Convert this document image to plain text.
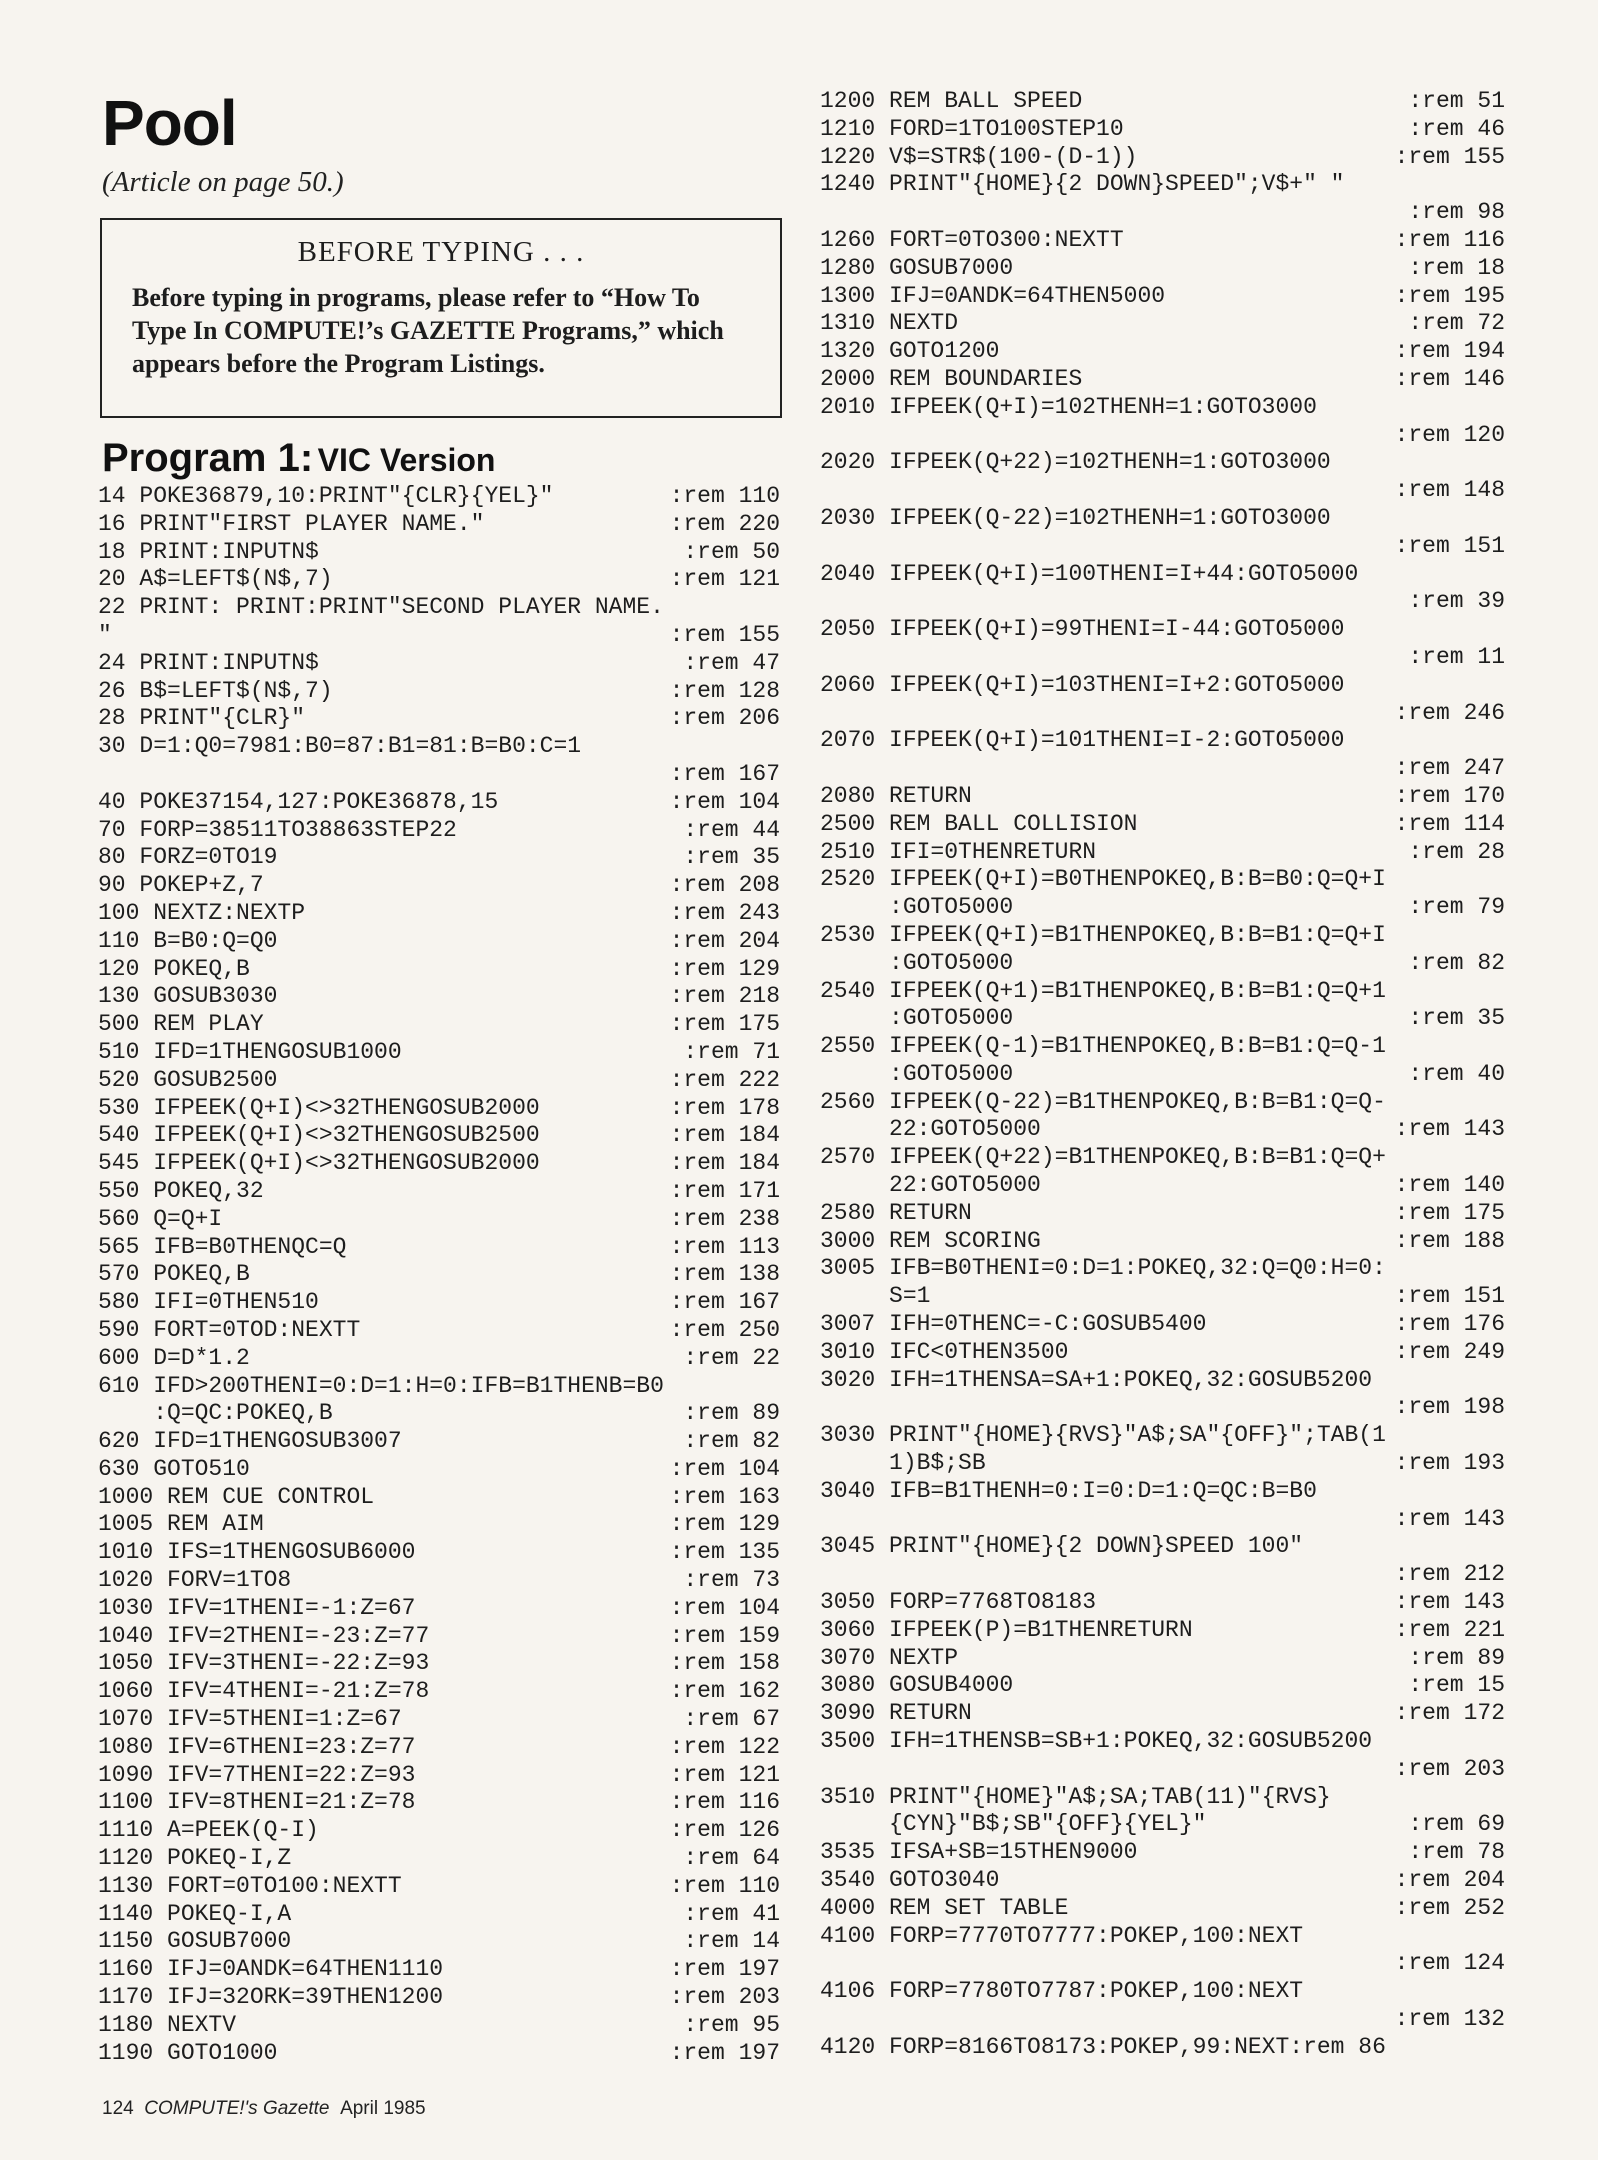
Pool
(Article on page 50.)
BEFORE TYPING . . .
Before typing in programs, please refer to “How To Type In COMPUTE!’s GAZETTE Programs,” which appears before the Program Listings.
Program 1: VIC Version
14 POKE36879,10:PRINT"{CLR}{YEL}"	:rem 110
16 PRINT"FIRST PLAYER NAME."	:rem 220
18 PRINT:INPUTN$	:rem 50
20 A$=LEFT$(N$,7)	:rem 121
22 PRINT: PRINT:PRINT"SECOND PLAYER NAME.
"	:rem 155
24 PRINT:INPUTN$	:rem 47
26 B$=LEFT$(N$,7)	:rem 128
28 PRINT"{CLR}"	:rem 206
30 D=1:Q0=7981:B0=87:B1=81:B=B0:C=1
:rem 167
40 POKE37154,127:POKE36878,15	:rem 104
70 FORP=38511TO38863STEP22	:rem 44
80 FORZ=0TO19	:rem 35
90 POKEP+Z,7	:rem 208
100 NEXTZ:NEXTP	:rem 243
110 B=B0:Q=Q0	:rem 204
120 POKEQ,B	:rem 129
130 GOSUB3030	:rem 218
500 REM PLAY	:rem 175
510 IFD=1THENGOSUB1000	:rem 71
520 GOSUB2500	:rem 222
530 IFPEEK(Q+I)<>32THENGOSUB2000	:rem 178
540 IFPEEK(Q+I)<>32THENGOSUB2500	:rem 184
545 IFPEEK(Q+I)<>32THENGOSUB2000	:rem 184
550 POKEQ,32	:rem 171
560 Q=Q+I	:rem 238
565 IFB=B0THENQC=Q	:rem 113
570 POKEQ,B	:rem 138
580 IFI=0THEN510	:rem 167
590 FORT=0TOD:NEXTT	:rem 250
600 D=D*1.2	:rem 22
610 IFD>200THENI=0:D=1:H=0:IFB=B1THENB=B0
:Q=QC:POKEQ,B	:rem 89
620 IFD=1THENGOSUB3007	:rem 82
630 GOTO510	:rem 104
1000 REM CUE CONTROL	:rem 163
1005 REM AIM	:rem 129
1010 IFS=1THENGOSUB6000	:rem 135
1020 FORV=1TO8	:rem 73
1030 IFV=1THENI=-1:Z=67	:rem 104
1040 IFV=2THENI=-23:Z=77	:rem 159
1050 IFV=3THENI=-22:Z=93	:rem 158
1060 IFV=4THENI=-21:Z=78	:rem 162
1070 IFV=5THENI=1:Z=67	:rem 67
1080 IFV=6THENI=23:Z=77	:rem 122
1090 IFV=7THENI=22:Z=93	:rem 121
1100 IFV=8THENI=21:Z=78	:rem 116
1110 A=PEEK(Q-I)	:rem 126
1120 POKEQ-I,Z	:rem 64
1130 FORT=0TO100:NEXTT	:rem 110
1140 POKEQ-I,A	:rem 41
1150 GOSUB7000	:rem 14
1160 IFJ=0ANDK=64THEN1110	:rem 197
1170 IFJ=32ORK=39THEN1200	:rem 203
1180 NEXTV	:rem 95
1190 GOTO1000	:rem 197
1200 REM BALL SPEED	:rem 51
1210 FORD=1TO100STEP10	:rem 46
1220 V$=STR$(100-(D-1))	:rem 155
1240 PRINT"{HOME}{2 DOWN}SPEED";V$+" "
:rem 98
1260 FORT=0TO300:NEXTT	:rem 116
1280 GOSUB7000	:rem 18
1300 IFJ=0ANDK=64THEN5000	:rem 195
1310 NEXTD	:rem 72
1320 GOTO1200	:rem 194
2000 REM BOUNDARIES	:rem 146
2010 IFPEEK(Q+I)=102THENH=1:GOTO3000
:rem 120
2020 IFPEEK(Q+22)=102THENH=1:GOTO3000
:rem 148
2030 IFPEEK(Q-22)=102THENH=1:GOTO3000
:rem 151
2040 IFPEEK(Q+I)=100THENI=I+44:GOTO5000
:rem 39
2050 IFPEEK(Q+I)=99THENI=I-44:GOTO5000
:rem 11
2060 IFPEEK(Q+I)=103THENI=I+2:GOTO5000
:rem 246
2070 IFPEEK(Q+I)=101THENI=I-2:GOTO5000
:rem 247
2080 RETURN	:rem 170
2500 REM BALL COLLISION	:rem 114
2510 IFI=0THENRETURN	:rem 28
2520 IFPEEK(Q+I)=B0THENPOKEQ,B:B=B0:Q=Q+I
:GOTO5000	:rem 79
2530 IFPEEK(Q+I)=B1THENPOKEQ,B:B=B1:Q=Q+I
:GOTO5000	:rem 82
2540 IFPEEK(Q+1)=B1THENPOKEQ,B:B=B1:Q=Q+1
:GOTO5000	:rem 35
2550 IFPEEK(Q-1)=B1THENPOKEQ,B:B=B1:Q=Q-1
:GOTO5000	:rem 40
2560 IFPEEK(Q-22)=B1THENPOKEQ,B:B=B1:Q=Q-
22:GOTO5000	:rem 143
2570 IFPEEK(Q+22)=B1THENPOKEQ,B:B=B1:Q=Q+
22:GOTO5000	:rem 140
2580 RETURN	:rem 175
3000 REM SCORING	:rem 188
3005 IFB=B0THENI=0:D=1:POKEQ,32:Q=Q0:H=0:
S=1	:rem 151
3007 IFH=0THENC=-C:GOSUB5400	:rem 176
3010 IFC<0THEN3500	:rem 249
3020 IFH=1THENSA=SA+1:POKEQ,32:GOSUB5200
:rem 198
3030 PRINT"{HOME}{RVS}"A$;SA"{OFF}";TAB(1
1)B$;SB	:rem 193
3040 IFB=B1THENH=0:I=0:D=1:Q=QC:B=B0
:rem 143
3045 PRINT"{HOME}{2 DOWN}SPEED 100"
:rem 212
3050 FORP=7768TO8183	:rem 143
3060 IFPEEK(P)=B1THENRETURN	:rem 221
3070 NEXTP	:rem 89
3080 GOSUB4000	:rem 15
3090 RETURN	:rem 172
3500 IFH=1THENSB=SB+1:POKEQ,32:GOSUB5200
:rem 203
3510 PRINT"{HOME}"A$;SA;TAB(11)"{RVS}
{CYN}"B$;SB"{OFF}{YEL}"	:rem 69
3535 IFSA+SB=15THEN9000	:rem 78
3540 GOTO3040	:rem 204
4000 REM SET TABLE	:rem 252
4100 FORP=7770TO7777:POKEP,100:NEXT
:rem 124
4106 FORP=7780TO7787:POKEP,100:NEXT
:rem 132
4120 FORP=8166TO8173:POKEP,99:NEXT:rem 86
124 COMPUTE!'s Gazette April 1985
